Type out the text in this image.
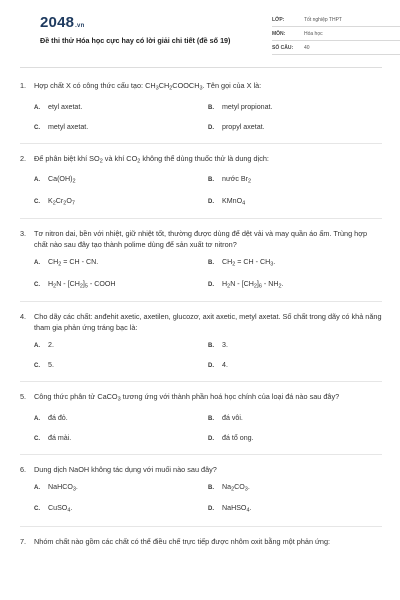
2048.vn
Đề thi thử Hóa học cực hay có lời giải chi tiết (đề số 19)
LỚP:	Tốt nghiệp THPT
MÔN:	Hóa học
SỐ CÂU:	40
1.	Hợp chất X có công thức cấu tạo: $CH_3CH_2COOCH_3$. Tên gọi của X là:
A.	etyl axetat.	B.	metyl propionat.
C.	metyl axetat.	D.	propyl axetat.
2.	Để phân biệt khí $SO_2$ và khí $CO_2$ không thể dùng thuốc thử là dung dịch:
A.	$Ca(OH)_2$	B.	nước $Br_2$
C.	$K_2Cr_2O_7$	D.	KMnO$_4$
3.	Tơ nitron dai, bền với nhiệt, giữ nhiệt tốt, thường được dùng để dệt vải và may quần áo ấm. Trùng hợp chất nào sau đây tạo thành polime dùng để sản xuất tơ nitron?
A.	$CH_2$ = CH - CN.	B.	$CH_2$ = CH - $CH_3$.
C.	$H_2N - [CH_2]_5$ - COOH	D.	$H_2N - [CH_2]_6 - NH_2$.
4.	Cho dãy các chất: anđehit axetic, axetilen, glucozơ, axit axetic, metyl axetat. Số chất trong dãy có khả năng tham gia phản ứng tráng bạc là:
A.	2.	B.	3.
C.	5.	D.	4.
5.	Công thức phân tử CaCO$_3$ tương ứng với thành phần hoá học chính của loại đá nào sau đây?
A.	đá đỏ.	B.	đá vôi.
C.	đá mài.	D.	đá tổ ong.
6.	Dung dịch NaOH không tác dụng với muối nào sau đây?
A.	NaHCO$_3$.	B.	$Na_2CO_3$.
C.	CuSO$_4$.	D.	NaHSO$_4$.
7.	Nhóm chất nào gồm các chất có thể điều chế trực tiếp được nhôm oxit bằng một phản ứng:
